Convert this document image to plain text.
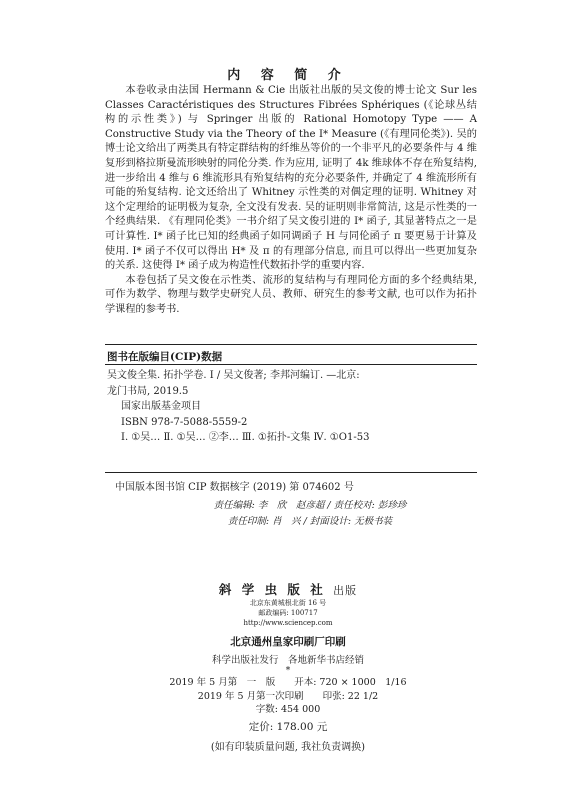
内 容 简 介

本卷收录由法国 Hermann & Cie 出版社出版的吴文俊的博士论文 Sur les Classes Caractéristiques des Structures Fibrées Sphériques (《论球丛结构的示性类》) 与 Springer 出版的 Rational Homotopy Type —— A Constructive Study via the Theory of the I* Measure (《有理同伦类》). 吴的博士论文给出了两类具有特定群结构的纤维丛等价的一个非平凡的必要条件与 4 维复形到格拉斯曼流形映射的同伦分类. 作为应用, 证明了 4k 维球体不存在殆复结构, 进一步给出 4 维与 6 维流形具有殆复结构的充分必要条件, 并确定了 4 维流形所有可能的殆复结构. 论文还给出了 Whitney 示性类的对偶定理的证明. Whitney 对这个定理给的证明极为复杂, 全文没有发表. 吴的证明则非常简洁, 这是示性类的一个经典结果. 《有理同伦类》一书介绍了吴文俊引进的 I* 函子, 其显著特点之一是可计算性. I* 函子比已知的经典函子如同调函子 H 与同伦函子 π 要更易于计算及使用. I* 函子不仅可以得出 H* 及 π 的有理部分信息, 而且可以得出一些更加复杂的关系. 这使得 I* 函子成为构造性代数拓扑学的重要内容.

本卷包括了吴文俊在示性类、流形的复结构与有理同伦方面的多个经典结果, 可作为数学、物理与数学史研究人员、教师、研究生的参考文献, 也可以作为拓扑学课程的参考书.

图书在版编目(CIP)数据
吴文俊全集. 拓扑学卷. I / 吴文俊著; 李邦河编订. —北京:
龙门书局, 2019.5
国家出版基金项目
ISBN 978-7-5088-5559-2
Ⅰ. ①吴… Ⅱ. ①吴… ②李… Ⅲ. ①拓扑-文集 Ⅳ. ①O1-53
中国版本图书馆 CIP 数据核字 (2019) 第 074602 号
责任编辑: 李　欣　赵彦超 / 责任校对: 彭珍珍
责任印制: 肖　兴 / 封面设计: 无极书装
斜 学 虫 版 社 出版
北京东黄城根北街 16 号
邮政编码: 100717
http://www.sciencep.com
北京通州皇家印刷厂印刷
科学出版社发行　各地新华书店经销
*
2019 年 5 月第　一　版　　开本: 720 × 1000　1/16
2019 年 5 月第一次印刷　　印张: 22 1/2
字数: 454 000
定价: 178.00 元
(如有印装质量问题, 我社负责调换)
